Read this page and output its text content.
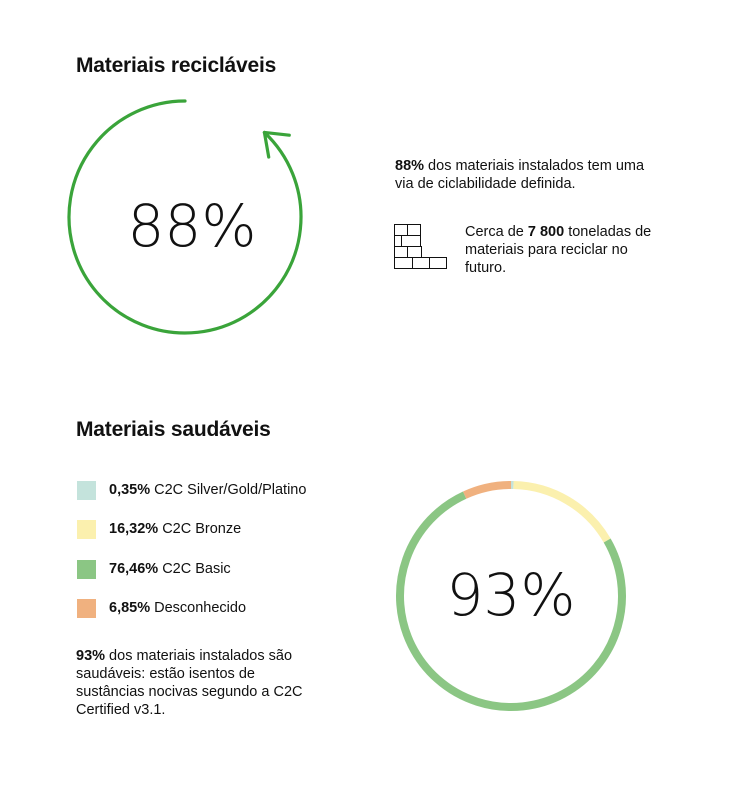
Materiais recicláveis
88%
88% dos materiais instalados tem uma via de ciclabilidade definida.
Cerca de 7 800 toneladas de materiais para reciclar no futuro.
Materiais saudáveis
0,35% C2C Silver/Gold/Platino
16,32% C2C Bronze
76,46% C2C Basic
6,85% Desconhecido
93% dos materiais instalados são saudáveis: estão isentos de sustâncias nocivas segundo a C2C Certified v3.1.
93%
